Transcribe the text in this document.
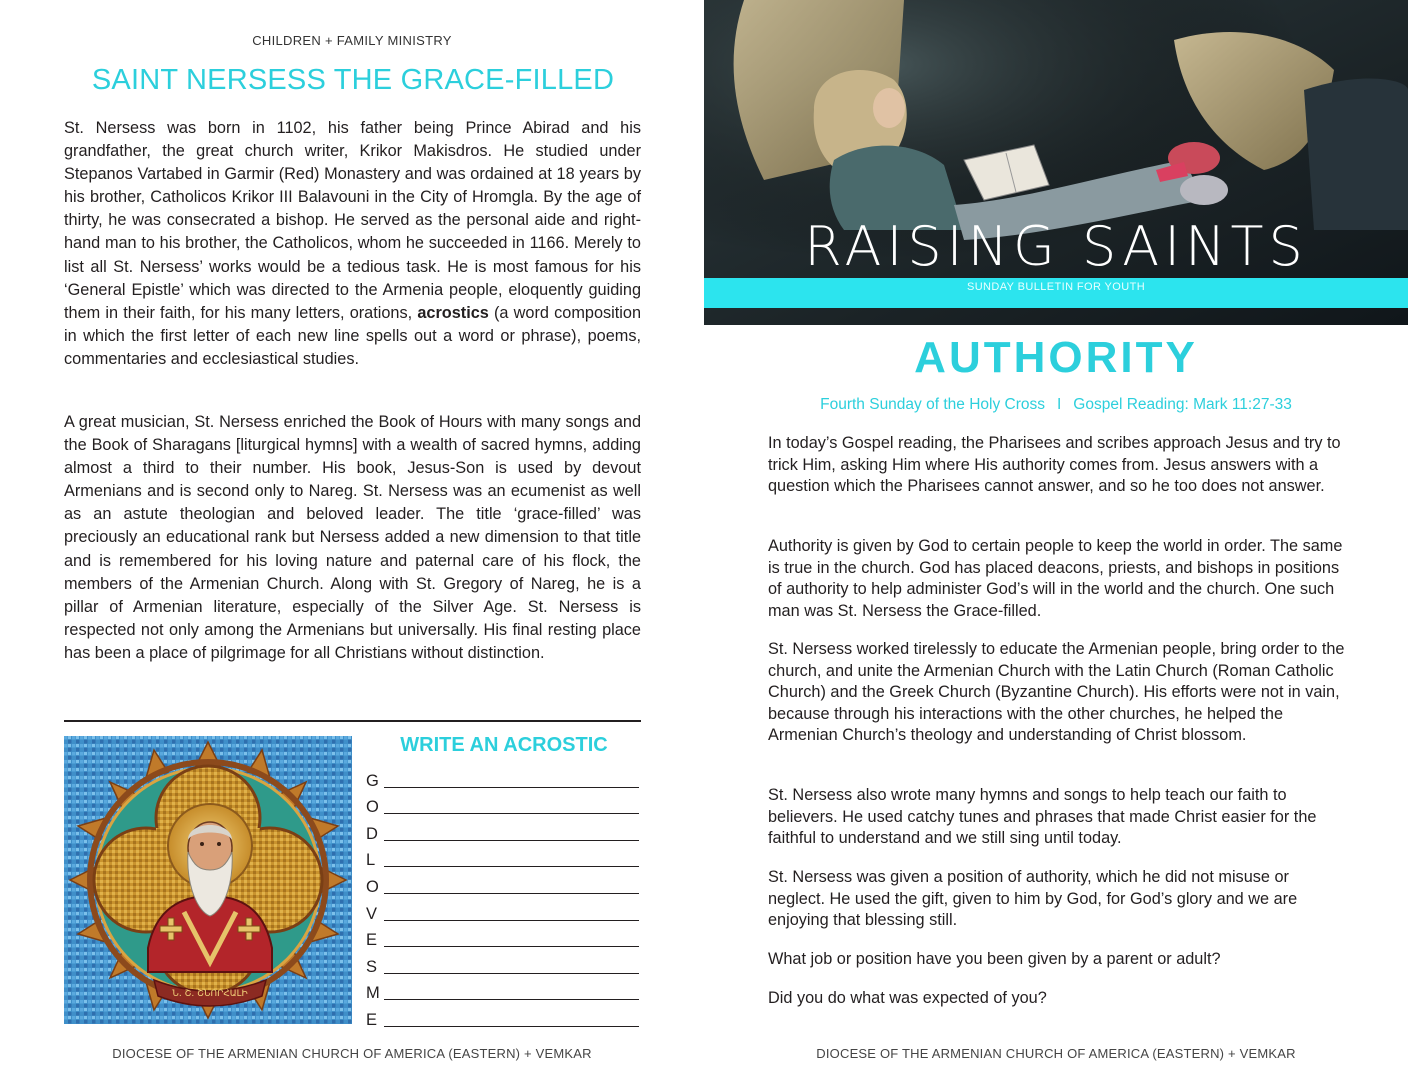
CHILDREN + FAMILY MINISTRY
SAINT NERSESS THE GRACE-FILLED

St. Nersess was born in 1102, his father being Prince Abirad and his grandfather, the great church writer, Krikor Makisdros. He studied under Stepanos Vartabed in Garmir (Red) Monastery and was ordained at 18 years by his brother, Catholicos Krikor III Balavouni in the City of Hromgla. By the age of thirty, he was consecrated a bishop. He served as the personal aide and right-hand man to his brother, the Catholicos, whom he succeeded in 1166. Merely to list all St. Nersess’ works would be a tedious task. He is most famous for his ‘General Epistle’ which was directed to the Armenia people, eloquently guiding them in their faith, for his many letters, orations, acrostics (a word composition in which the first letter of each new line spells out a word or phrase), poems, commentaries and ecclesiastical studies.

A great musician, St. Nersess enriched the Book of Hours with many songs and the Book of Sharagans [liturgical hymns] with a wealth of sacred hymns, adding almost a third to their number. His book, Jesus-Son is used by devout Armenians and is second only to Nareg. St. Nersess was an ecumenist as well as an astute theologian and beloved leader. The title ‘grace-filled’ was preciously an educational rank but Nersess added a new dimension to that title and is remembered for his loving nature and paternal care of his flock, the members of the Armenian Church. Along with St. Gregory of Nareg, he is a pillar of Armenian literature, especially of the Silver Age. St. Nersess is respected not only among the Armenians but universally. His final resting place has been a place of pilgrimage for all Christians without distinction.

Ն. Շ. ՇՆՈՐՀԱԼԻ
WRITE AN ACROSTIC
G
O
D
L
O
V
E
S
M
E
DIOCESE OF THE ARMENIAN CHURCH OF AMERICA (EASTERN) + VEMKAR
RAISING SAINTS
SUNDAY BULLETIN FOR YOUTH
AUTHORITY
Fourth Sunday of the Holy Cross I Gospel Reading: Mark 11:27-33

In today’s Gospel reading, the Pharisees and scribes approach Jesus and try to trick Him, asking Him where His authority comes from. Jesus answers with a question which the Pharisees cannot answer, and so he too does not answer.

Authority is given by God to certain people to keep the world in order. The same is true in the church. God has placed deacons, priests, and bishops in positions of authority to help administer God’s will in the world and the church. One such man was St. Nersess the Grace-filled.

St. Nersess worked tirelessly to educate the Armenian people, bring order to the church, and unite the Armenian Church with the Latin Church (Roman Catholic Church) and the Greek Church (Byzantine Church). His efforts were not in vain, because through his interactions with the other churches, he helped the Armenian Church’s theology and understanding of Christ blossom.

St. Nersess also wrote many hymns and songs to help teach our faith to believers. He used catchy tunes and phrases that made Christ easier for the faithful to understand and we still sing until today.

St. Nersess was given a position of authority, which he did not misuse or neglect. He used the gift, given to him by God, for God’s glory and we are enjoying that blessing still.

What job or position have you been given by a parent or adult?

Did you do what was expected of you?

DIOCESE OF THE ARMENIAN CHURCH OF AMERICA (EASTERN) + VEMKAR
